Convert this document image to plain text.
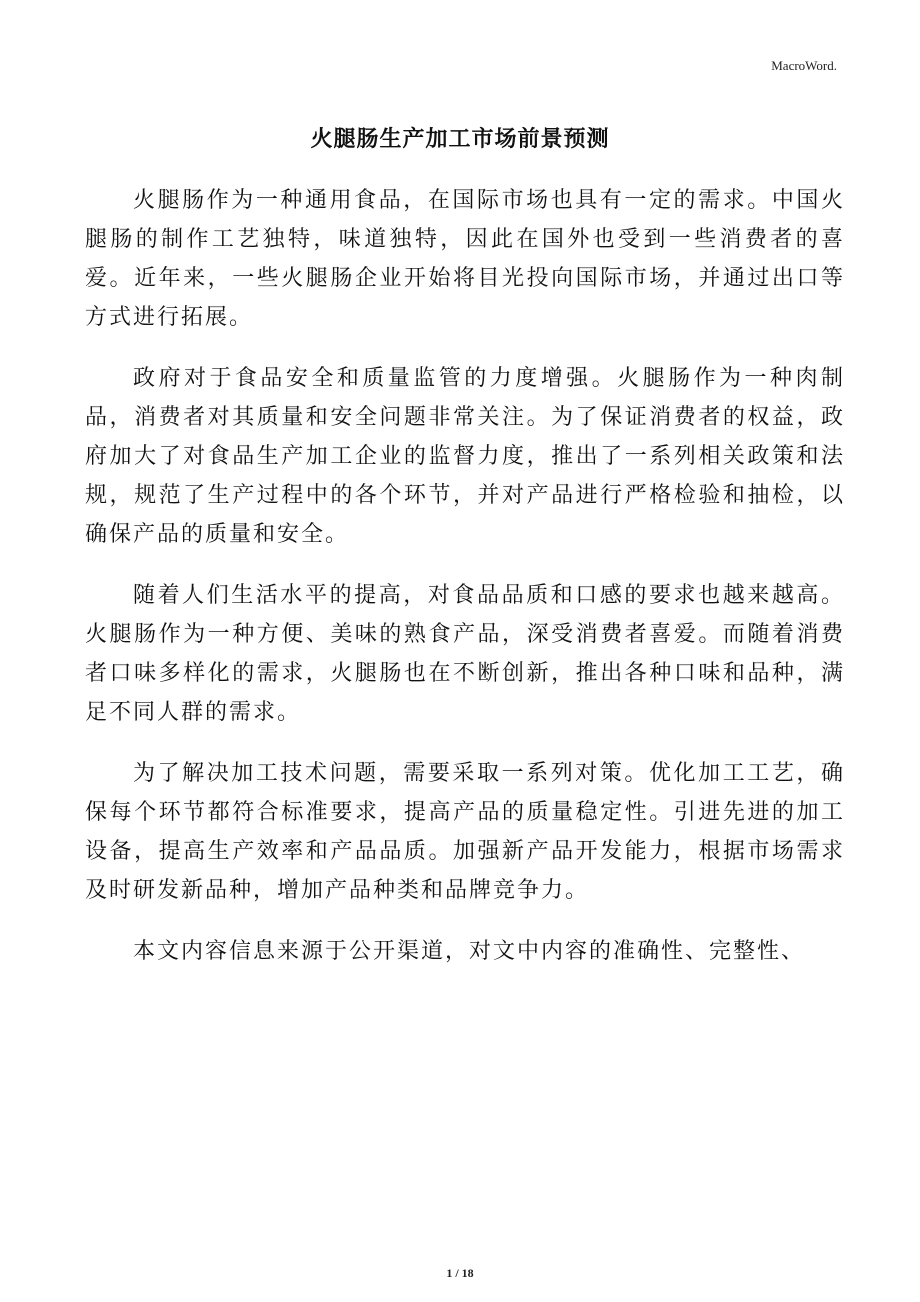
MacroWord.
火腿肠生产加工市场前景预测

火腿肠作为一种通用食品，在国际市场也具有一定的需求。中国火腿肠的制作工艺独特，味道独特，因此在国外也受到一些消费者的喜爱。近年来，一些火腿肠企业开始将目光投向国际市场，并通过出口等方式进行拓展。

政府对于食品安全和质量监管的力度增强。火腿肠作为一种肉制品，消费者对其质量和安全问题非常关注。为了保证消费者的权益，政府加大了对食品生产加工企业的监督力度，推出了一系列相关政策和法规，规范了生产过程中的各个环节，并对产品进行严格检验和抽检，以确保产品的质量和安全。

随着人们生活水平的提高，对食品品质和口感的要求也越来越高。火腿肠作为一种方便、美味的熟食产品，深受消费者喜爱。而随着消费者口味多样化的需求，火腿肠也在不断创新，推出各种口味和品种，满足不同人群的需求。

为了解决加工技术问题，需要采取一系列对策。优化加工工艺，确保每个环节都符合标准要求，提高产品的质量稳定性。引进先进的加工设备，提高生产效率和产品品质。加强新产品开发能力，根据市场需求及时研发新品种，增加产品种类和品牌竞争力。

本文内容信息来源于公开渠道，对文中内容的准确性、完整性、

1 / 18
